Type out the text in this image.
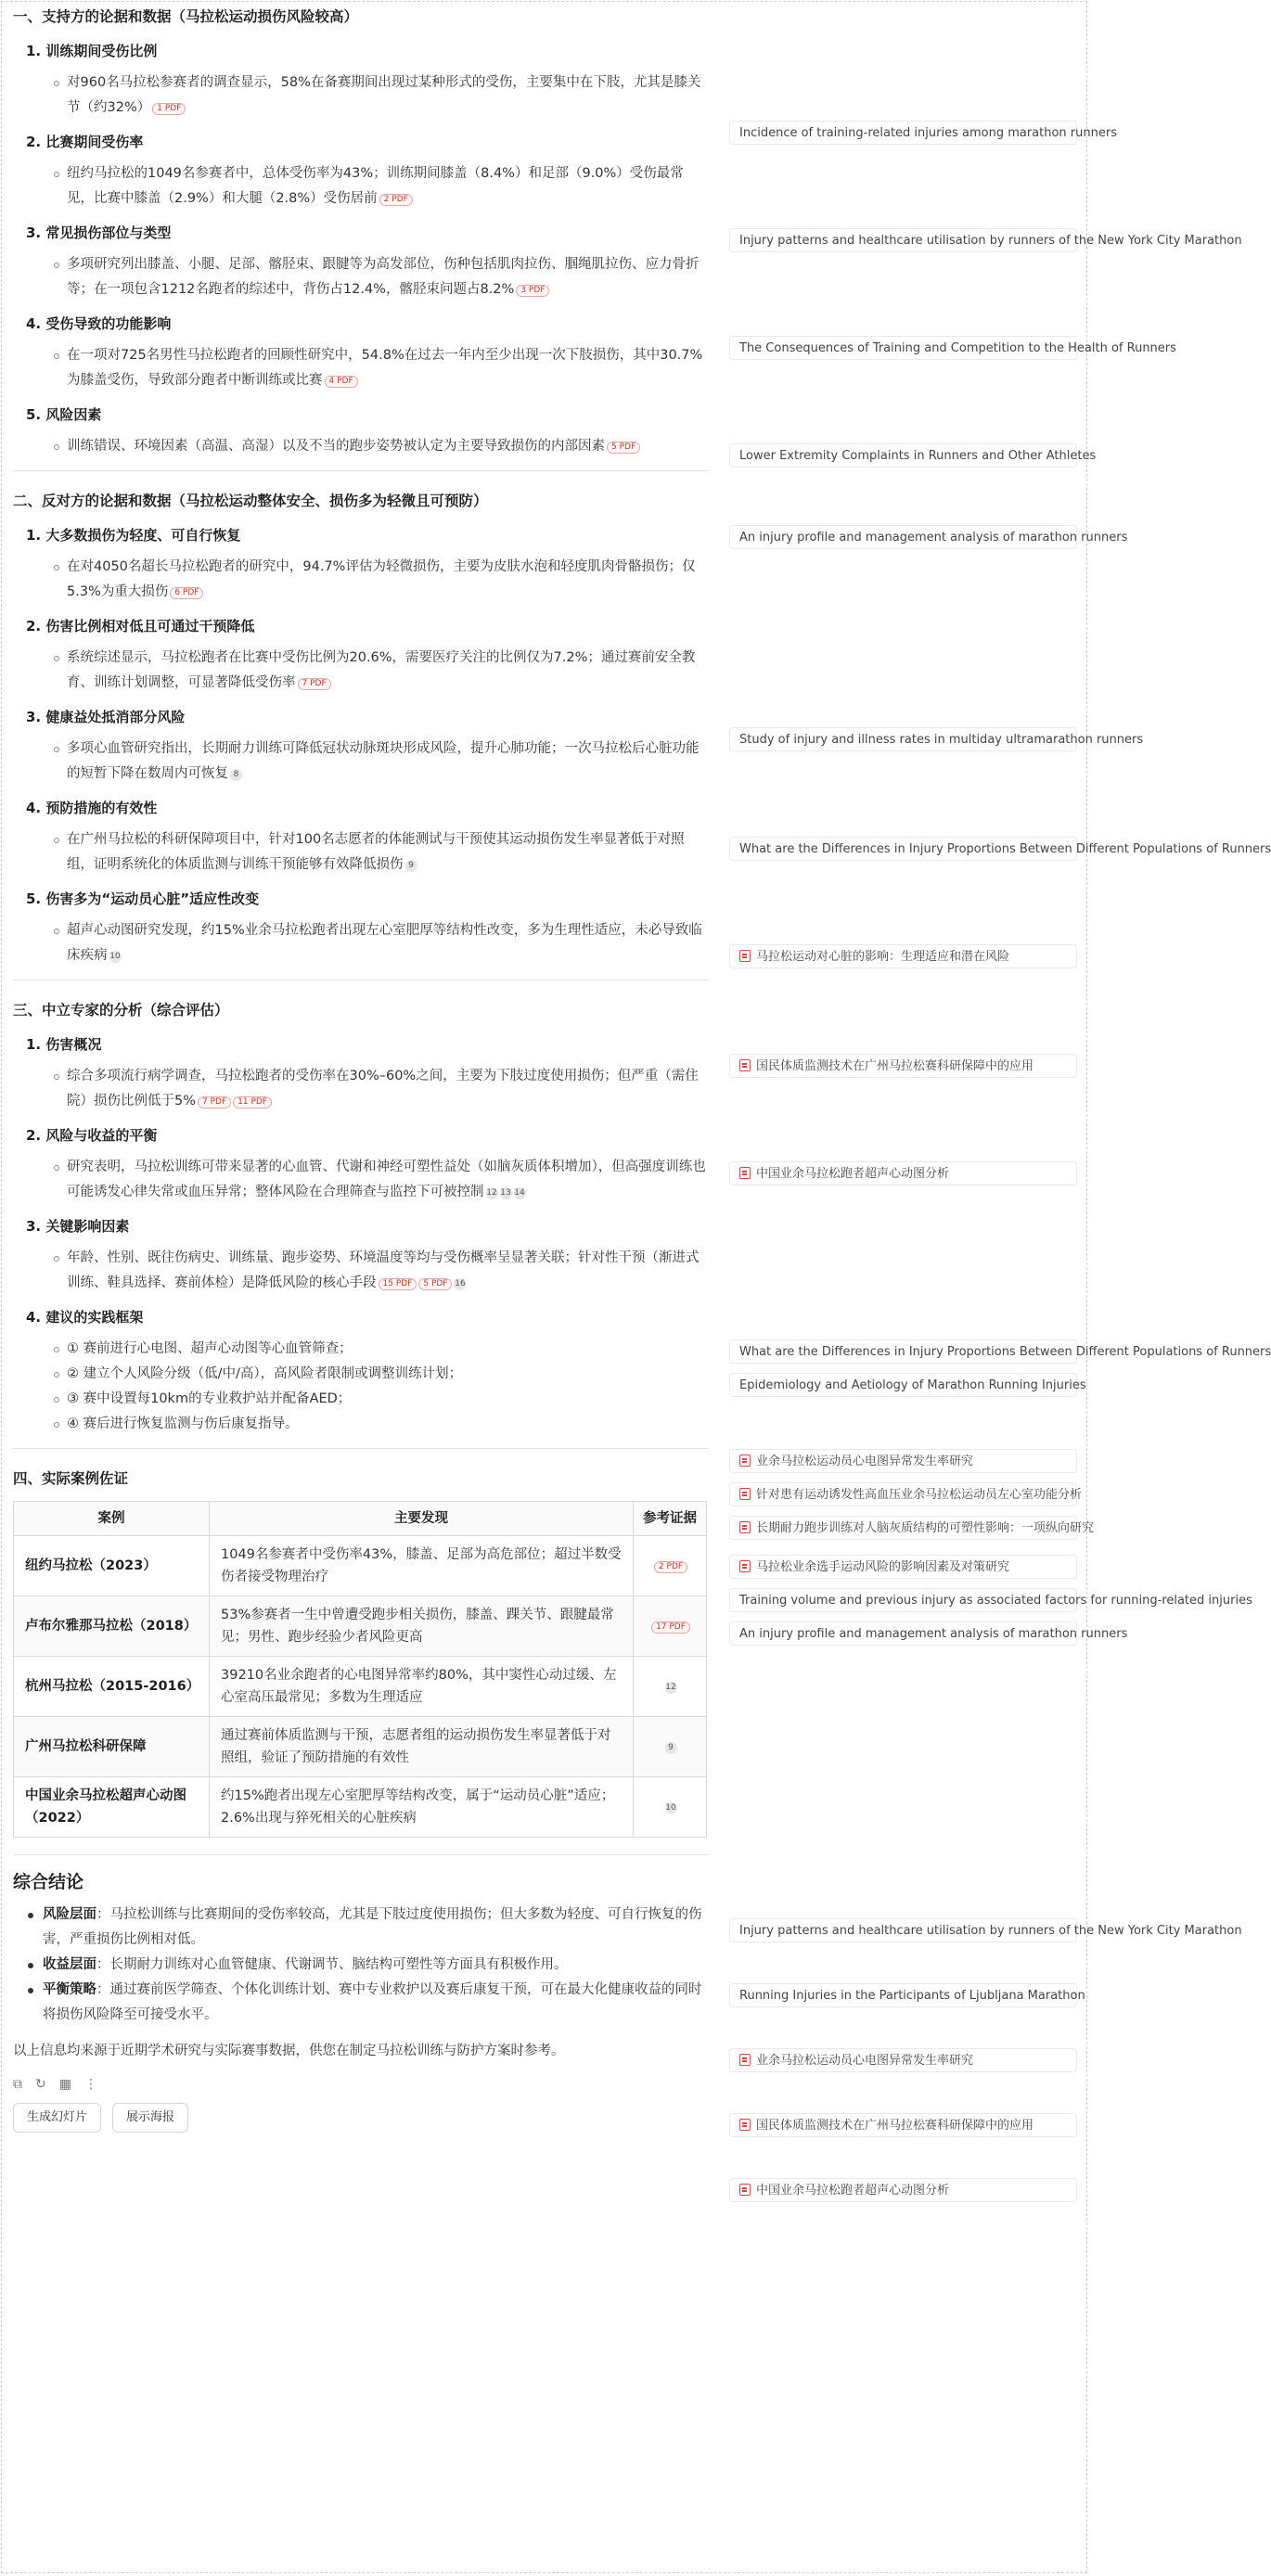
一、支持方的论据和数据（马拉松运动损伤风险较高）
1. 训练期间受伤比例
对960名马拉松参赛者的调查显示，58%在备赛期间出现过某种形式的受伤，主要集中在下肢，尤其是膝关节（约32%） 1 PDF
2. 比赛期间受伤率
纽约马拉松的1049名参赛者中，总体受伤率为43%；训练期间膝盖（8.4%）和足部（9.0%）受伤最常见，比赛中膝盖（2.9%）和大腿（2.8%）受伤居前 2 PDF
3. 常见损伤部位与类型
多项研究列出膝盖、小腿、足部、髂胫束、跟腱等为高发部位，伤种包括肌肉拉伤、腘绳肌拉伤、应力骨折等；在一项包含1212名跑者的综述中，背伤占12.4%，髂胫束问题占8.2% 3 PDF
4. 受伤导致的功能影响
在一项对725名男性马拉松跑者的回顾性研究中，54.8%在过去一年内至少出现一次下肢损伤，其中30.7%为膝盖受伤，导致部分跑者中断训练或比赛 4 PDF
5. 风险因素
训练错误、环境因素（高温、高湿）以及不当的跑步姿势被认定为主要导致损伤的内部因素 5 PDF
二、反对方的论据和数据（马拉松运动整体安全、损伤多为轻微且可预防）
1. 大多数损伤为轻度、可自行恢复
在对4050名超长马拉松跑者的研究中，94.7%评估为轻微损伤，主要为皮肤水泡和轻度肌肉骨骼损伤；仅5.3%为重大损伤 6 PDF
2. 伤害比例相对低且可通过干预降低
系统综述显示，马拉松跑者在比赛中受伤比例为20.6%，需要医疗关注的比例仅为7.2%；通过赛前安全教育、训练计划调整，可显著降低受伤率 7 PDF
3. 健康益处抵消部分风险
多项心血管研究指出，长期耐力训练可降低冠状动脉斑块形成风险，提升心肺功能；一次马拉松后心脏功能的短暂下降在数周内可恢复 8
4. 预防措施的有效性
在广州马拉松的科研保障项目中，针对100名志愿者的体能测试与干预使其运动损伤发生率显著低于对照组，证明系统化的体质监测与训练干预能够有效降低损伤 9
5. 伤害多为“运动员心脏”适应性改变
超声心动图研究发现，约15%业余马拉松跑者出现左心室肥厚等结构性改变，多为生理性适应，未必导致临床疾病 10
三、中立专家的分析（综合评估）
1. 伤害概况
综合多项流行病学调查，马拉松跑者的受伤率在30%–60%之间，主要为下肢过度使用损伤；但严重（需住院）损伤比例低于5% 7 PDF 11 PDF
2. 风险与收益的平衡
研究表明，马拉松训练可带来显著的心血管、代谢和神经可塑性益处（如脑灰质体积增加），但高强度训练也可能诱发心律失常或血压异常；整体风险在合理筛查与监控下可被控制 12 13 14
3. 关键影响因素
年龄、性别、既往伤病史、训练量、跑步姿势、环境温度等均与受伤概率呈显著关联；针对性干预（渐进式训练、鞋具选择、赛前体检）是降低风险的核心手段 15 PDF 5 PDF 16
4. 建议的实践框架
① 赛前进行心电图、超声心动图等心血管筛查；
② 建立个人风险分级（低/中/高），高风险者限制或调整训练计划；
③ 赛中设置每10km的专业救护站并配备AED；
④ 赛后进行恢复监测与伤后康复指导。
四、实际案例佐证
案例	主要发现	参考证据
纽约马拉松（2023）	1049名参赛者中受伤率43%，膝盖、足部为高危部位；超过半数受伤者接受物理治疗	2 PDF
卢布尔雅那马拉松（2018）	53%参赛者一生中曾遭受跑步相关损伤，膝盖、踝关节、跟腱最常见；男性、跑步经验少者风险更高	17 PDF
杭州马拉松（2015-2016）	39210名业余跑者的心电图异常率约80%，其中窦性心动过缓、左心室高压最常见；多数为生理适应	12
广州马拉松科研保障	通过赛前体质监测与干预，志愿者组的运动损伤发生率显著低于对照组，验证了预防措施的有效性	9
中国业余马拉松超声心动图（2022）	约15%跑者出现左心室肥厚等结构改变，属于“运动员心脏”适应；2.6%出现与猝死相关的心脏疾病	10
综合结论
风险层面：马拉松训练与比赛期间的受伤率较高，尤其是下肢过度使用损伤；但大多数为轻度、可自行恢复的伤害，严重损伤比例相对低。
收益层面：长期耐力训练对心血管健康、代谢调节、脑结构可塑性等方面具有积极作用。
平衡策略：通过赛前医学筛查、个体化训练计划、赛中专业救护以及赛后康复干预，可在最大化健康收益的同时将损伤风险降至可接受水平。
以上信息均来源于近期学术研究与实际赛事数据，供您在制定马拉松训练与防护方案时参考。
⧉ ↻ ▦ ⋮
生成幻灯片	展示海报
Incidence of training-related injuries among marathon runners
Injury patterns and healthcare utilisation by runners of the New York City Marathon
The Consequences of Training and Competition to the Health of Runners
Lower Extremity Complaints in Runners and Other Athletes
An injury profile and management analysis of marathon runners
Study of injury and illness rates in multiday ultramarathon runners
What are the Differences in Injury Proportions Between Different Populations of Runners
马拉松运动对心脏的影响：生理适应和潜在风险
国民体质监测技术在广州马拉松赛科研保障中的应用
中国业余马拉松跑者超声心动图分析
What are the Differences in Injury Proportions Between Different Populations of Runners
Epidemiology and Aetiology of Marathon Running Injuries
业余马拉松运动员心电图异常发生率研究
针对患有运动诱发性高血压业余马拉松运动员左心室功能分析
长期耐力跑步训练对人脑灰质结构的可塑性影响：一项纵向研究
马拉松业余选手运动风险的影响因素及对策研究
Training volume and previous injury as associated factors for running-related injuries
An injury profile and management analysis of marathon runners
Injury patterns and healthcare utilisation by runners of the New York City Marathon
Running Injuries in the Participants of Ljubljana Marathon
业余马拉松运动员心电图异常发生率研究
国民体质监测技术在广州马拉松赛科研保障中的应用
中国业余马拉松跑者超声心动图分析
